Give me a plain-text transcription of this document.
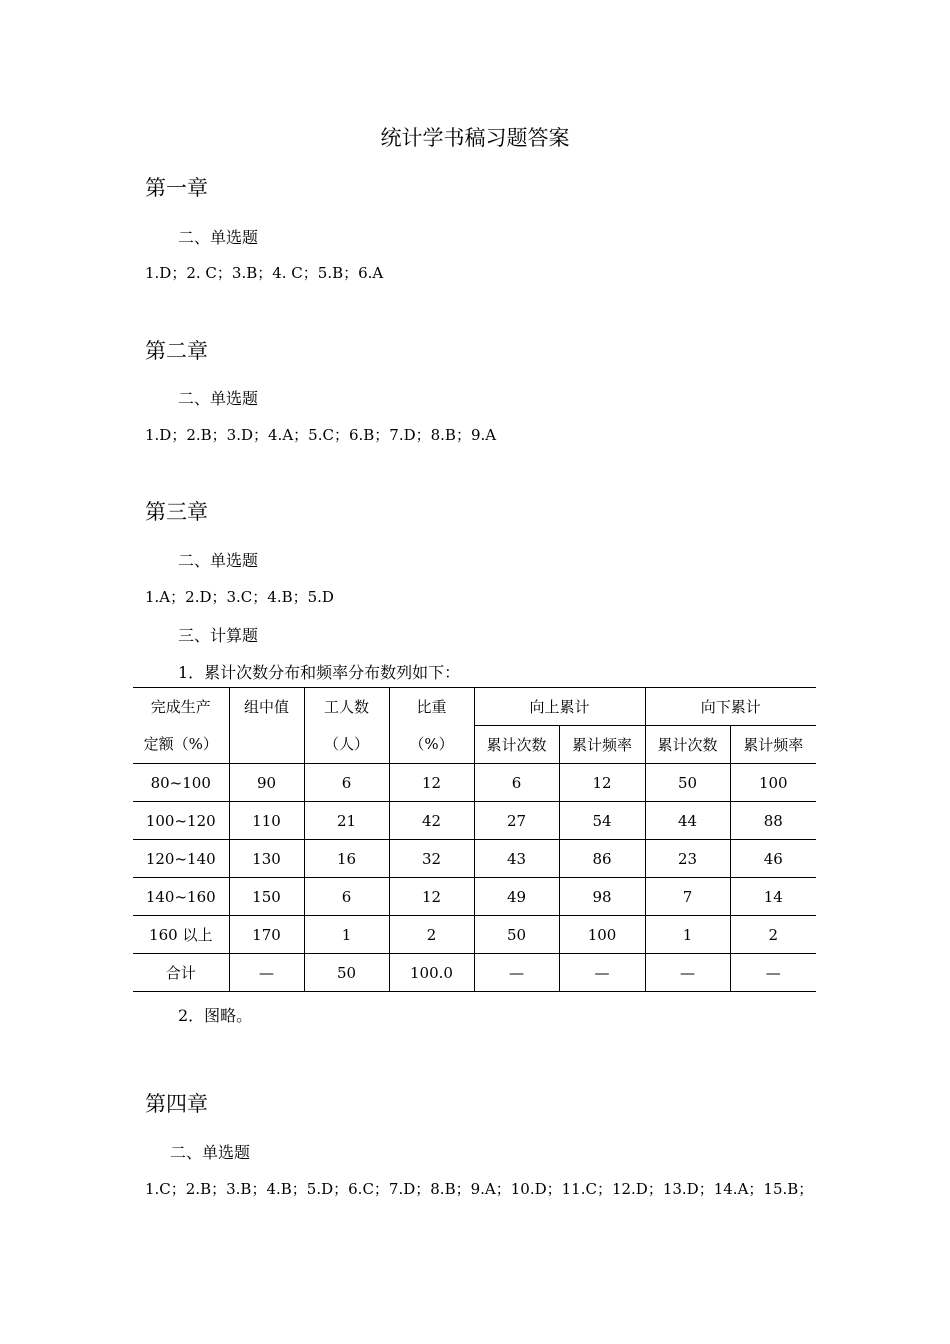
统计学书稿习题答案
第一章
二、单选题
1.D；2. C；3.B；4. C；5.B；6.A
第二章
二、单选题
1.D；2.B；3.D；4.A；5.C；6.B；7.D；8.B；9.A
第三章
二、单选题
1.A；2.D；3.C；4.B；5.D
三、计算题
1．累计次数分布和频率分布数列如下：
完成生产	组中值	工人数	比重	向上累计		向下累计	
定额（%）		（人）	（%）	累计次数	累计频率	累计次数	累计频率
80~100	90	6	12	6	12	50	100
100~120	110	21	42	27	54	44	88
120~140	130	16	32	43	86	23	46
140~160	150	6	12	49	98	7	14
160 以上	170	1	2	50	100	1	2
合计	—	50	100.0	—	—	—	—
2．图略。
第四章
二、单选题
1.C；2.B；3.B；4.B；5.D；6.C；7.D；8.B；9.A；10.D；11.C；12.D；13.D；14.A；15.B；
